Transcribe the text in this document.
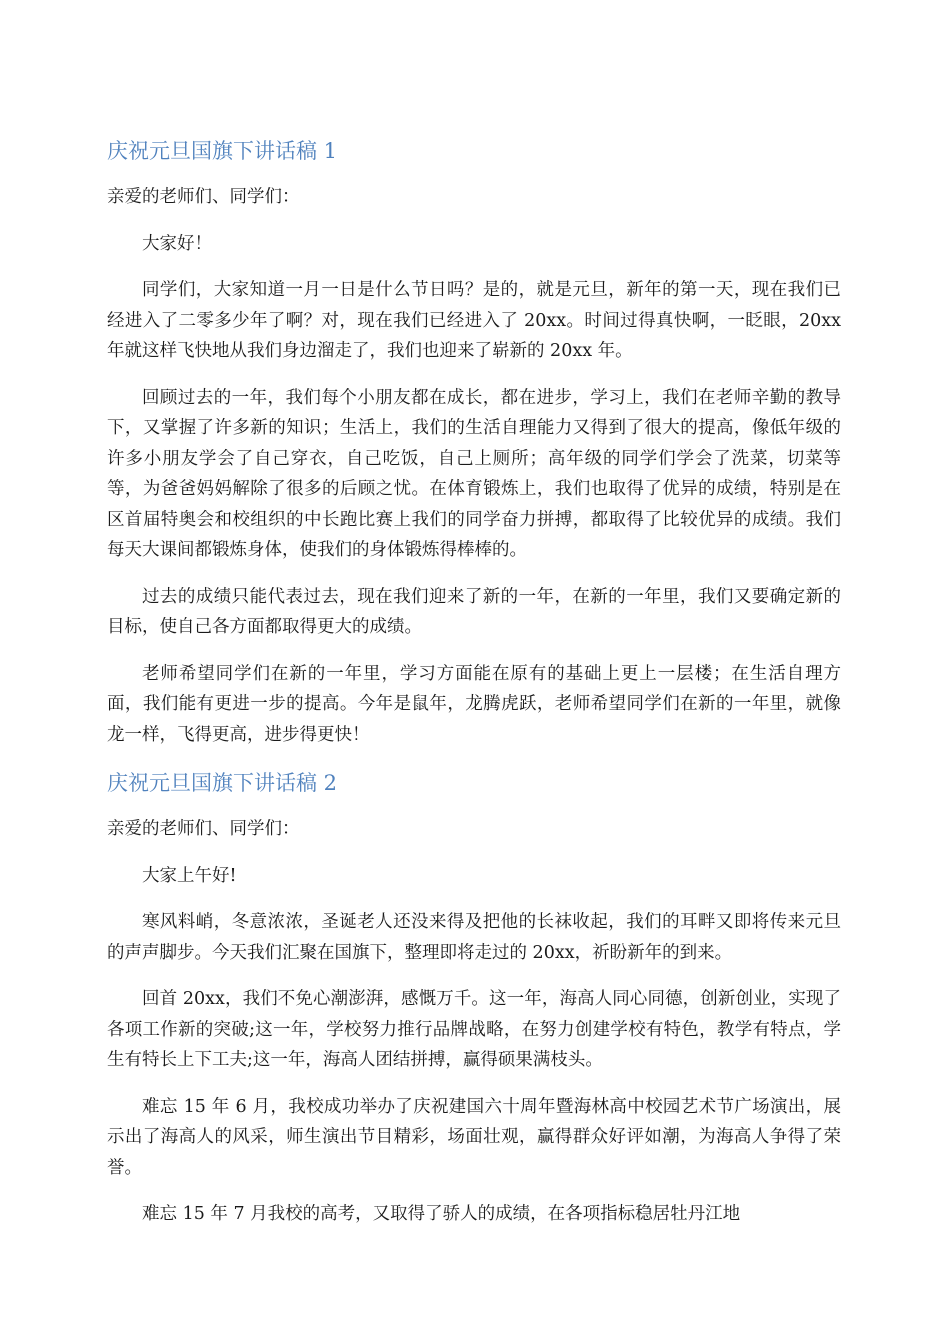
庆祝元旦国旗下讲话稿 1

亲爱的老师们、同学们：

大家好！

同学们，大家知道一月一日是什么节日吗？是的，就是元旦，新年的第一天，现在我们已经进入了二零多少年了啊？对，现在我们已经进入了 20xx。时间过得真快啊，一眨眼，20xx 年就这样飞快地从我们身边溜走了，我们也迎来了崭新的 20xx 年。

回顾过去的一年，我们每个小朋友都在成长，都在进步，学习上，我们在老师辛勤的教导下，又掌握了许多新的知识；生活上，我们的生活自理能力又得到了很大的提高，像低年级的许多小朋友学会了自己穿衣，自己吃饭，自己上厕所；高年级的同学们学会了洗菜，切菜等等，为爸爸妈妈解除了很多的后顾之忧。在体育锻炼上，我们也取得了优异的成绩，特别是在区首届特奥会和校组织的中长跑比赛上我们的同学奋力拼搏，都取得了比较优异的成绩。我们每天大课间都锻炼身体，使我们的身体锻炼得棒棒的。

过去的成绩只能代表过去，现在我们迎来了新的一年，在新的一年里，我们又要确定新的目标，使自己各方面都取得更大的成绩。

老师希望同学们在新的一年里，学习方面能在原有的基础上更上一层楼；在生活自理方面，我们能有更进一步的提高。今年是鼠年，龙腾虎跃，老师希望同学们在新的一年里，就像龙一样，飞得更高，进步得更快！

庆祝元旦国旗下讲话稿 2

亲爱的老师们、同学们：

大家上午好!

寒风料峭，冬意浓浓，圣诞老人还没来得及把他的长袜收起，我们的耳畔又即将传来元旦的声声脚步。今天我们汇聚在国旗下，整理即将走过的 20xx，祈盼新年的到来。

回首 20xx，我们不免心潮澎湃，感慨万千。这一年，海高人同心同德，创新创业，实现了各项工作新的突破;这一年，学校努力推行品牌战略，在努力创建学校有特色，教学有特点，学生有特长上下工夫;这一年，海高人团结拼搏，赢得硕果满枝头。

难忘 15 年 6 月，我校成功举办了庆祝建国六十周年暨海林高中校园艺术节广场演出，展示出了海高人的风采，师生演出节目精彩，场面壮观，赢得群众好评如潮，为海高人争得了荣誉。

难忘 15 年 7 月我校的高考，又取得了骄人的成绩，在各项指标稳居牡丹江地
